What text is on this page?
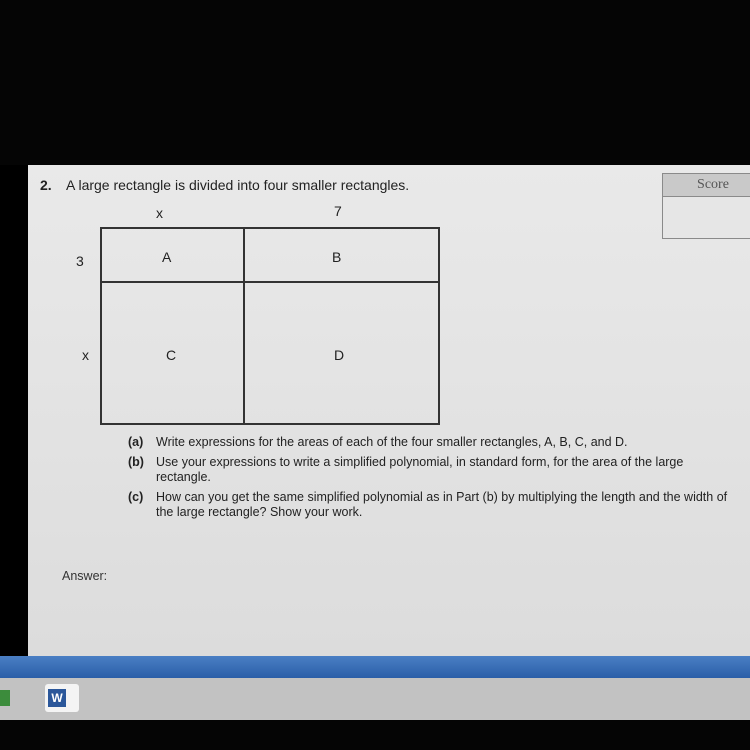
2. A large rectangle is divided into four smaller rectangles.	Score
x	7
3
x
A	B
C	D
(a) Write expressions for the areas of each of the four smaller rectangles, A, B, C, and D.
(b) Use your expressions to write a simplified polynomial, in standard form, for the area of the large rectangle.
(c) How can you get the same simplified polynomial as in Part (b) by multiplying the length and the width of the large rectangle? Show your work.
Answer:
W
